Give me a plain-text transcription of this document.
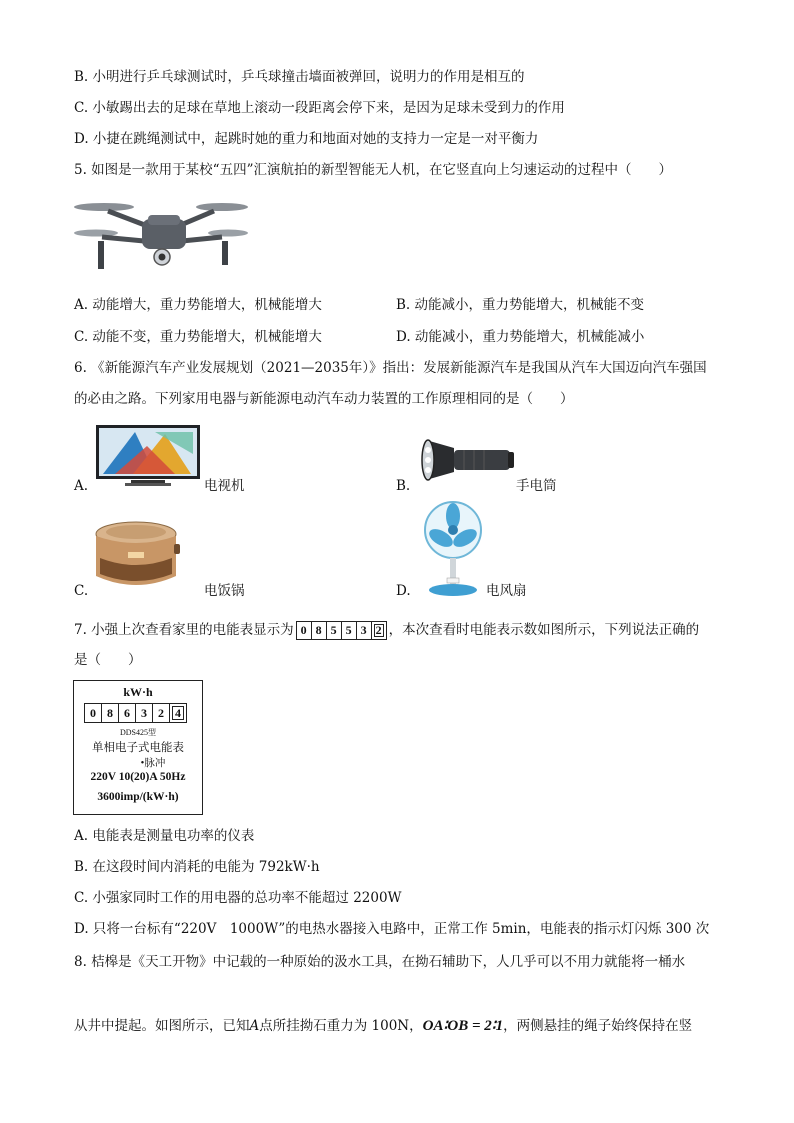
B. 小明进行乒乓球测试时，乒乓球撞击墙面被弹回，说明力的作用是相互的
C. 小敏踢出去的足球在草地上滚动一段距离会停下来，是因为足球未受到力的作用
D. 小捷在跳绳测试中，起跳时她的重力和地面对她的支持力一定是一对平衡力
5. 如图是一款用于某校“五四”汇演航拍的新型智能无人机，在它竖直向上匀速运动的过程中（　　）
A. 动能增大，重力势能增大，机械能增大	B. 动能减小，重力势能增大，机械能不变
C. 动能不变，重力势能增大，机械能增大	D. 动能减小，重力势能增大，机械能减小
6. 《新能源汽车产业发展规划（2021—2035年）》指出：发展新能源汽车是我国从汽车大国迈向汽车强国
的必由之路。下列家用电器与新能源电动汽车动力装置的工作原理相同的是（　　）
A.	电视机	B.	手电筒
C.	电饭锅	D.	电风扇
7. 小强上次查看家里的电能表显示为 0 8 5 5 3 2 ，本次查看时电能表示数如图所示，下列说法正确的
是（　　）
kW·h
0 8 6 3 2 4
DDS425型
单相电子式电能表
•脉冲
220V 10(20)A 50Hz
3600imp/(kW·h)
A. 电能表是测量电功率的仪表
B. 在这段时间内消耗的电能为 792kW·h
C. 小强家同时工作的用电器的总功率不能超过 2200W
D. 只将一台标有“220V　1000W”的电热水器接入电路中，正常工作 5min，电能表的指示灯闪烁 300 次
8. 桔槔是《天工开物》中记载的一种原始的汲水工具，在拗石辅助下，人几乎可以不用力就能将一桶水
从井中提起。如图所示，已知A点所挂拗石重力为 100N，OA∶OB = 2∶1，两侧悬挂的绳子始终保持在竖
